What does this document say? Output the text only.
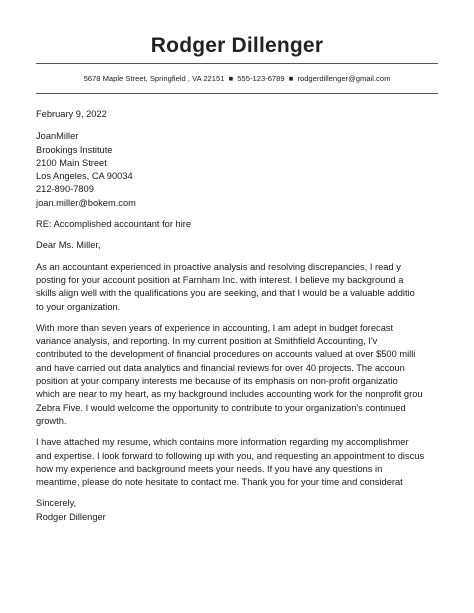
Rodger Dillenger
5678 Maple Street, Springfield , VA 22151 ■ 555-123-6789 ■ rodgerdillenger@gmail.com
February 9, 2022
JoanMiller
Brookings Institute
2100 Main Street
Los Angeles, CA 90034
212-890-7809
joan.miller@bokem.com
RE: Accomplished accountant for hire
Dear Ms. Miller,
As an accountant experienced in proactive analysis and resolving discrepancies, I read y
posting for your account position at Farnham Inc. with interest. I believe my background a
skills align well with the qualifications you are seeking, and that I would be a valuable additio
to your organization.
With more than seven years of experience in accounting, I am adept in budget forecast
variance analysis, and reporting. In my current position at Smithfield Accounting, I'v
contributed to the development of financial procedures on accounts valued at over $500 milli
and have carried out data analytics and financial reviews for over 40 projects. The accoun
position at your company interests me because of its emphasis on non-profit organizatio
which are near to my heart, as my background includes accounting work for the nonprofit grou
Zebra Five. I would welcome the opportunity to contribute to your organization's continued
growth.
I have attached my resume, which contains more information regarding my accomplishmer
and expertise. I look forward to following up with you, and requesting an appointment to discus
how my experience and background meets your needs. If you have any questions in
meantime, please do note hesitate to contact me. Thank you for your time and considerat
Sincerely,
Rodger Dillenger
